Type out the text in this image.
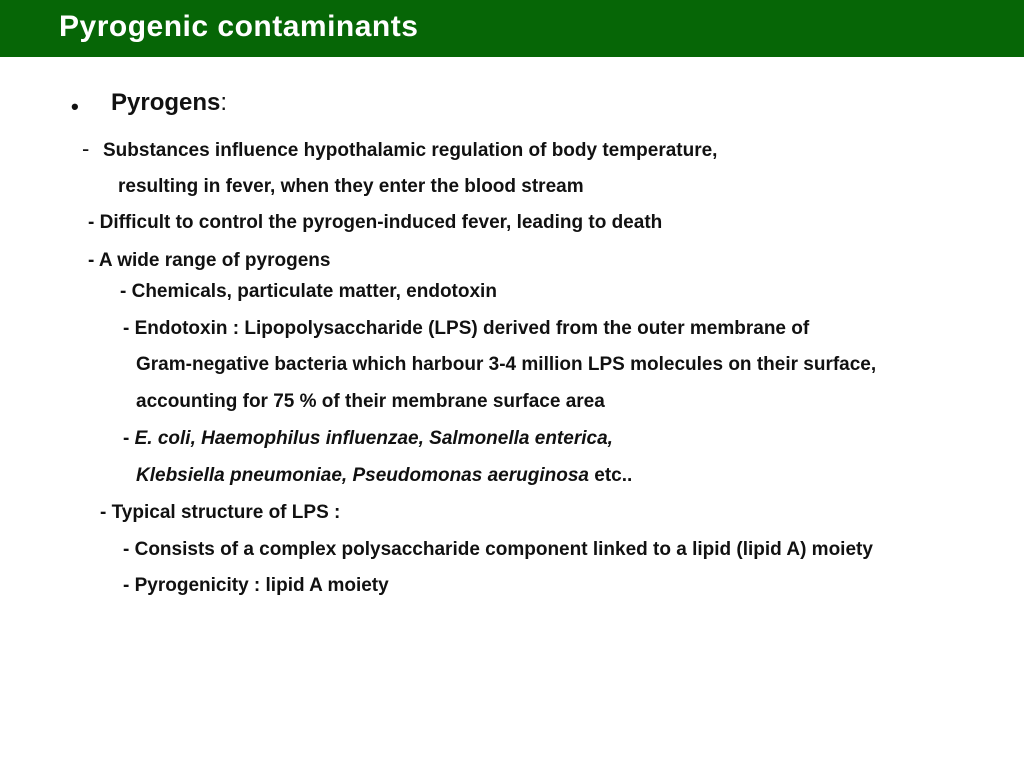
Pyrogenic contaminants
• Pyrogens:
- Substances influence hypothalamic regulation of body temperature,
resulting in fever, when they enter the blood stream
- Difficult to control the pyrogen-induced fever, leading to death
- A wide range of pyrogens
- Chemicals, particulate matter, endotoxin
- Endotoxin : Lipopolysaccharide (LPS) derived from the outer membrane of
Gram-negative bacteria which harbour 3-4 million LPS molecules on their surface,
accounting for 75 % of their membrane surface area
- E. coli, Haemophilus influenzae, Salmonella enterica,
Klebsiella pneumoniae, Pseudomonas aeruginosa etc..
- Typical structure of LPS :
- Consists of a complex polysaccharide component linked to a lipid (lipid A) moiety
- Pyrogenicity : lipid A moiety
